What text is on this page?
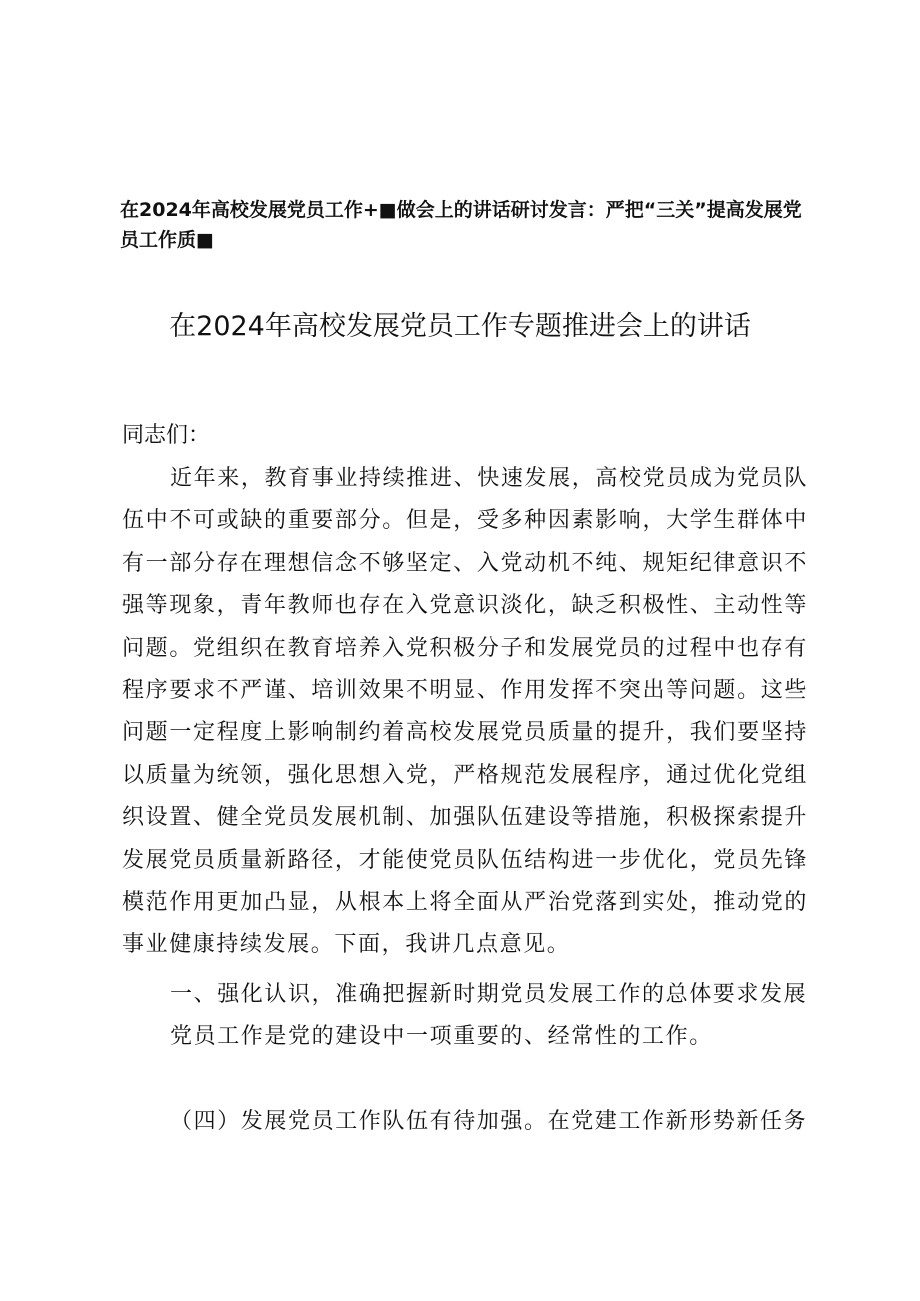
在2024年高校发展党员工作+■做会上的讲话研讨发言：严把“三关”提高发展党员工作质■
在2024年高校发展党员工作专题推进会上的讲话
同志们：
近年来，教育事业持续推进、快速发展，高校党员成为党员队伍中不可或缺的重要部分。但是，受多种因素影响，大学生群体中有一部分存在理想信念不够坚定、入党动机不纯、规矩纪律意识不强等现象，青年教师也存在入党意识淡化，缺乏积极性、主动性等问题。党组织在教育培养入党积极分子和发展党员的过程中也存有程序要求不严谨、培训效果不明显、作用发挥不突出等问题。这些问题一定程度上影响制约着高校发展党员质量的提升，我们要坚持以质量为统领，强化思想入党，严格规范发展程序，通过优化党组织设置、健全党员发展机制、加强队伍建设等措施，积极探索提升发展党员质量新路径，才能使党员队伍结构进一步优化，党员先锋模范作用更加凸显，从根本上将全面从严治党落到实处，推动党的事业健康持续发展。下面，我讲几点意见。
一、强化认识，准确把握新时期党员发展工作的总体要求发展
党员工作是党的建设中一项重要的、经常性的工作。
（四）发展党员工作队伍有待加强。在党建工作新形势新任务
